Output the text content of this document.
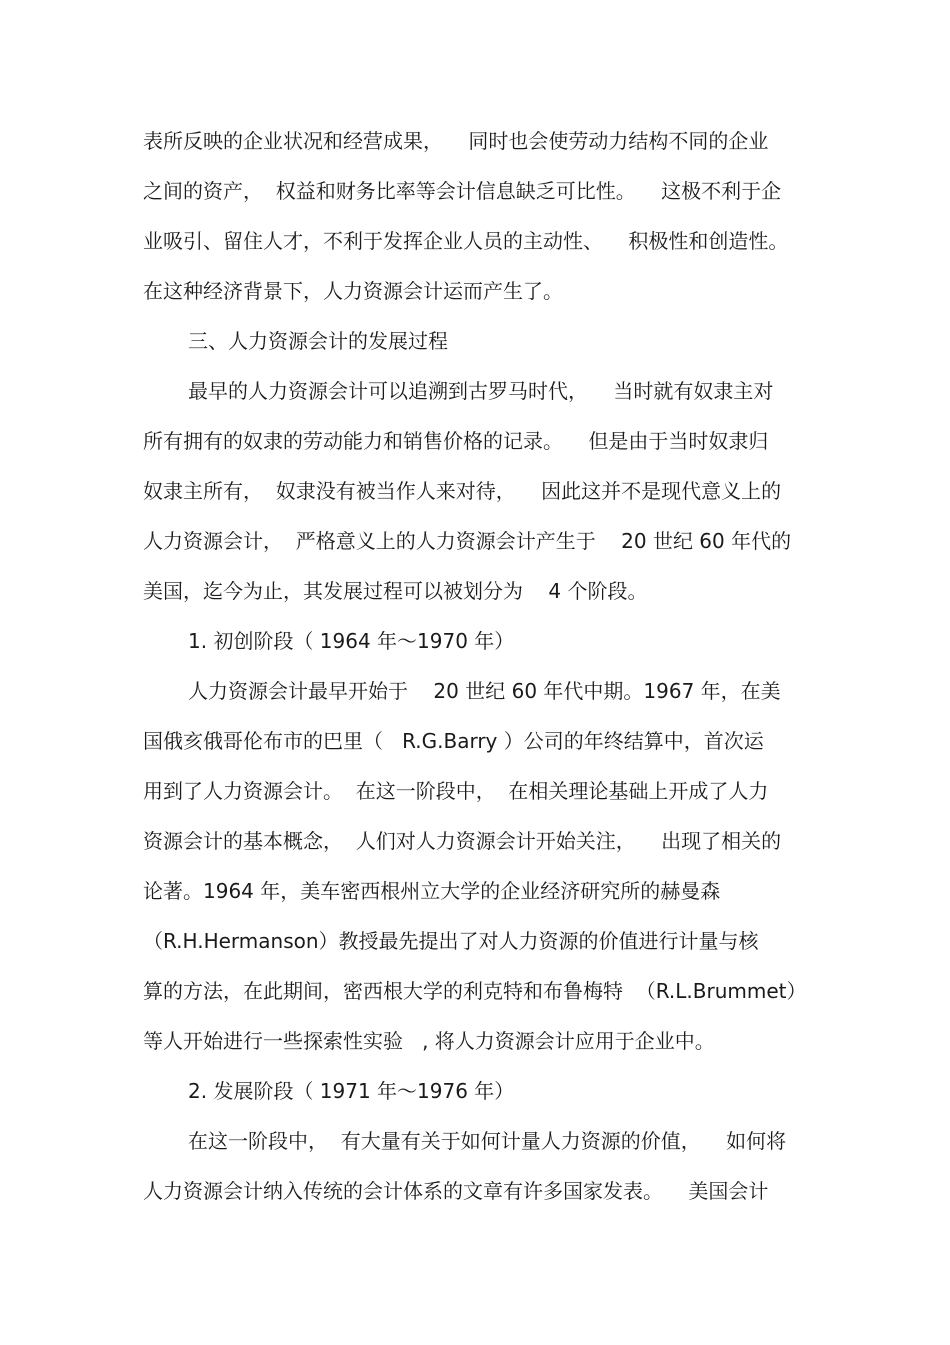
表所反映的企业状况和经营成果，    同时也会使劳动力结构不同的企业
之间的资产，  权益和财务比率等会计信息缺乏可比性。    这极不利于企
业吸引、留住人才，不利于发挥企业人员的主动性、    积极性和创造性。
在这种经济背景下，人力资源会计运而产生了。
三、人力资源会计的发展过程
最早的人力资源会计可以追溯到古罗马时代，    当时就有奴隶主对
所有拥有的奴隶的劳动能力和销售价格的记录。    但是由于当时奴隶归
奴隶主所有，  奴隶没有被当作人来对待，    因此这并不是现代意义上的
人力资源会计，  严格意义上的人力资源会计产生于    20 世纪 60 年代的
美国，迄今为止，其发展过程可以被划分为    4 个阶段。
1. 初创阶段（ 1964 年～1970 年）
人力资源会计最早开始于    20 世纪 60 年代中期。1967 年，在美
国俄亥俄哥伦布市的巴里（   R.G.Barry ）公司的年终结算中，首次运
用到了人力资源会计。  在这一阶段中，  在相关理论基础上开成了人力
资源会计的基本概念，  人们对人力资源会计开始关注，    出现了相关的
论著。1964 年，美车密西根州立大学的企业经济研究所的赫曼森
（R.H.Hermanson）教授最先提出了对人力资源的价值进行计量与核
算的方法，在此期间，密西根大学的利克特和布鲁梅特  （R.L.Brummet）
等人开始进行一些探索性实验   , 将人力资源会计应用于企业中。
2. 发展阶段（ 1971 年～1976 年）
在这一阶段中，  有大量有关于如何计量人力资源的价值，    如何将
人力资源会计纳入传统的会计体系的文章有许多国家发表。    美国会计
